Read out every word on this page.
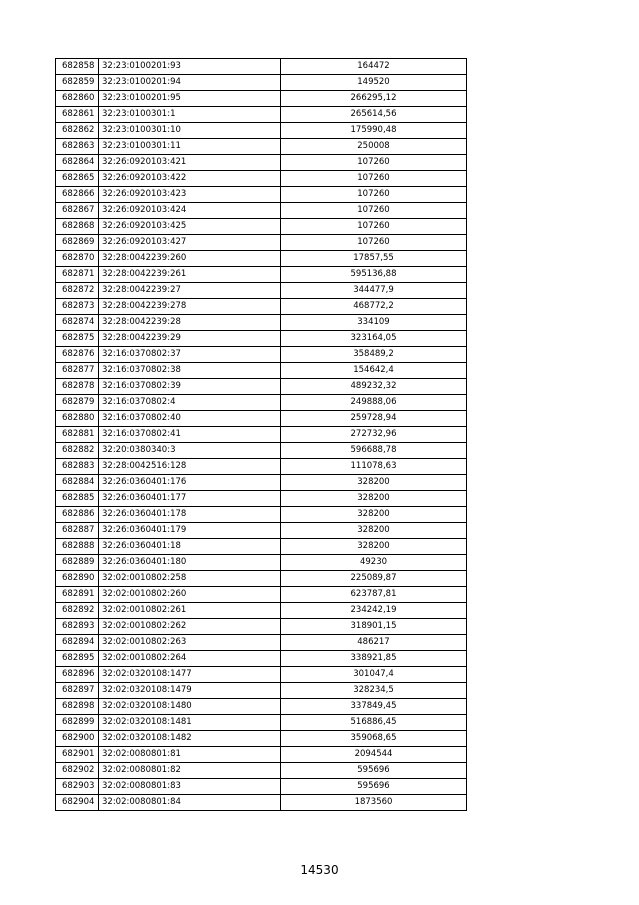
682858	32:23:0100201:93	164472
682859	32:23:0100201:94	149520
682860	32:23:0100201:95	266295,12
682861	32:23:0100301:1	265614,56
682862	32:23:0100301:10	175990,48
682863	32:23:0100301:11	250008
682864	32:26:0920103:421	107260
682865	32:26:0920103:422	107260
682866	32:26:0920103:423	107260
682867	32:26:0920103:424	107260
682868	32:26:0920103:425	107260
682869	32:26:0920103:427	107260
682870	32:28:0042239:260	17857,55
682871	32:28:0042239:261	595136,88
682872	32:28:0042239:27	344477,9
682873	32:28:0042239:278	468772,2
682874	32:28:0042239:28	334109
682875	32:28:0042239:29	323164,05
682876	32:16:0370802:37	358489,2
682877	32:16:0370802:38	154642,4
682878	32:16:0370802:39	489232,32
682879	32:16:0370802:4	249888,06
682880	32:16:0370802:40	259728,94
682881	32:16:0370802:41	272732,96
682882	32:20:0380340:3	596688,78
682883	32:28:0042516:128	111078,63
682884	32:26:0360401:176	328200
682885	32:26:0360401:177	328200
682886	32:26:0360401:178	328200
682887	32:26:0360401:179	328200
682888	32:26:0360401:18	328200
682889	32:26:0360401:180	49230
682890	32:02:0010802:258	225089,87
682891	32:02:0010802:260	623787,81
682892	32:02:0010802:261	234242,19
682893	32:02:0010802:262	318901,15
682894	32:02:0010802:263	486217
682895	32:02:0010802:264	338921,85
682896	32:02:0320108:1477	301047,4
682897	32:02:0320108:1479	328234,5
682898	32:02:0320108:1480	337849,45
682899	32:02:0320108:1481	516886,45
682900	32:02:0320108:1482	359068,65
682901	32:02:0080801:81	2094544
682902	32:02:0080801:82	595696
682903	32:02:0080801:83	595696
682904	32:02:0080801:84	1873560
14530
